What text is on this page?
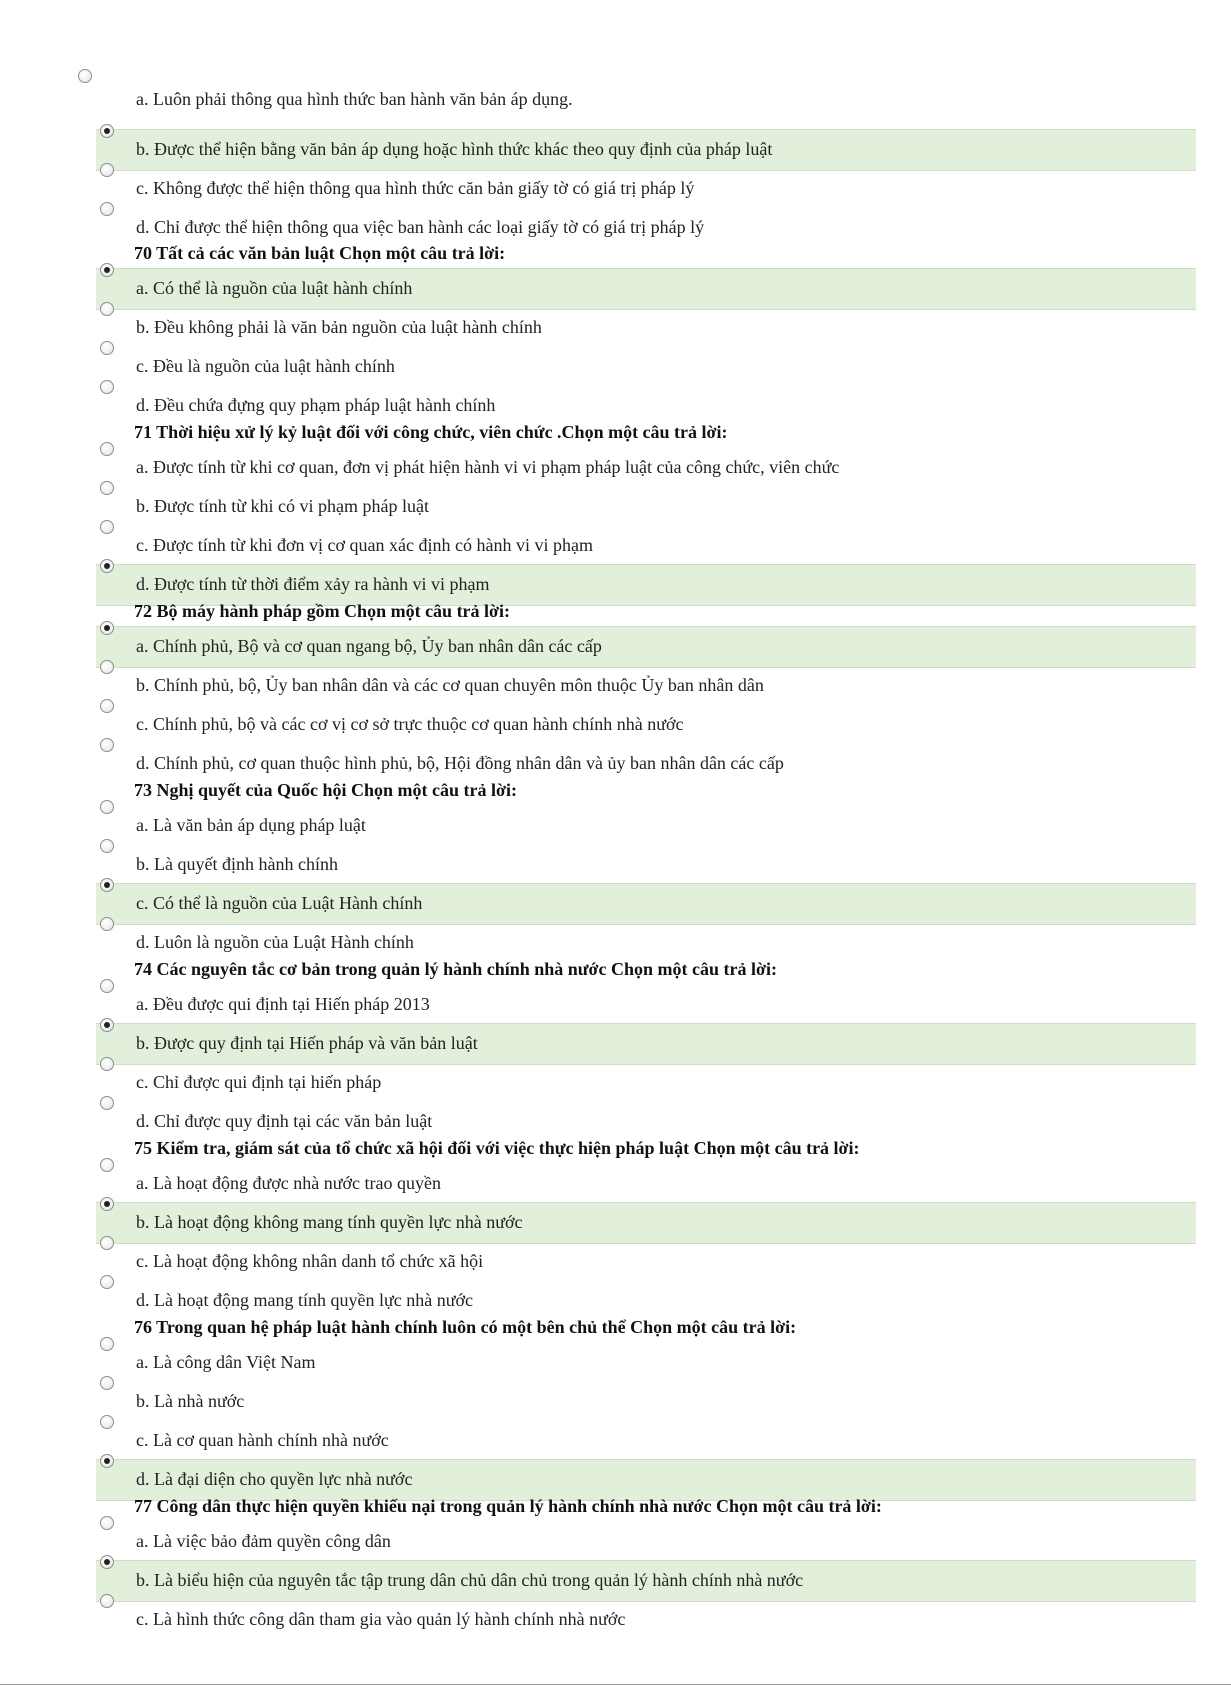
a. Luôn phải thông qua hình thức ban hành văn bản áp dụng.
b. Được thể hiện bằng văn bản áp dụng hoặc hình thức khác theo quy định của pháp luật
c. Không được thể hiện thông qua hình thức căn bản giấy tờ có giá trị pháp lý
d. Chỉ được thể hiện thông qua việc ban hành các loại giấy tờ có giá trị pháp lý
70 Tất cả các văn bản luật Chọn một câu trả lời:
a. Có thể là nguồn của luật hành chính
b. Đều không phải là văn bản nguồn của luật hành chính
c. Đều là nguồn của luật hành chính
d. Đều chứa đựng quy phạm pháp luật hành chính
71 Thời hiệu xử lý kỷ luật đối với công chức, viên chức .Chọn một câu trả lời:
a. Được tính từ khi cơ quan, đơn vị phát hiện hành vi vi phạm pháp luật của công chức, viên chức
b. Được tính từ khi có vi phạm pháp luật
c. Được tính từ khi đơn vị cơ quan xác định có hành vi vi phạm
d. Được tính từ thời điểm xảy ra hành vi vi phạm
72 Bộ máy hành pháp gồm Chọn một câu trả lời:
a. Chính phủ, Bộ và cơ quan ngang bộ, Ủy ban nhân dân các cấp
b. Chính phủ, bộ, Ủy ban nhân dân và các cơ quan chuyên môn thuộc Ủy ban nhân dân
c. Chính phủ, bộ và các cơ vị cơ sở trực thuộc cơ quan hành chính nhà nước
d. Chính phủ, cơ quan thuộc hình phủ, bộ, Hội đồng nhân dân và ủy ban nhân dân các cấp
73 Nghị quyết của Quốc hội Chọn một câu trả lời:
a. Là văn bản áp dụng pháp luật
b. Là quyết định hành chính
c. Có thể là nguồn của Luật Hành chính
d. Luôn là nguồn của Luật Hành chính
74 Các nguyên tắc cơ bản trong quản lý hành chính nhà nước Chọn một câu trả lời:
a. Đều được qui định tại Hiến pháp 2013
b. Được quy định tại Hiến pháp và văn bản luật
c. Chỉ được qui định tại hiến pháp
d. Chỉ được quy định tại các văn bản luật
75 Kiểm tra, giám sát của tổ chức xã hội đối với việc thực hiện pháp luật Chọn một câu trả lời:
a. Là hoạt động được nhà nước trao quyền
b. Là hoạt động không mang tính quyền lực nhà nước
c. Là hoạt động không nhân danh tổ chức xã hội
d. Là hoạt động mang tính quyền lực nhà nước
76 Trong quan hệ pháp luật hành chính luôn có một bên chủ thể Chọn một câu trả lời:
a. Là công dân Việt Nam
b. Là nhà nước
c. Là cơ quan hành chính nhà nước
d. Là đại diện cho quyền lực nhà nước
77 Công dân thực hiện quyền khiếu nại trong quản lý hành chính nhà nước Chọn một câu trả lời:
a. Là việc bảo đảm quyền công dân
b. Là biểu hiện của nguyên tắc tập trung dân chủ dân chủ trong quản lý hành chính nhà nước
c. Là hình thức công dân tham gia vào quản lý hành chính nhà nước
